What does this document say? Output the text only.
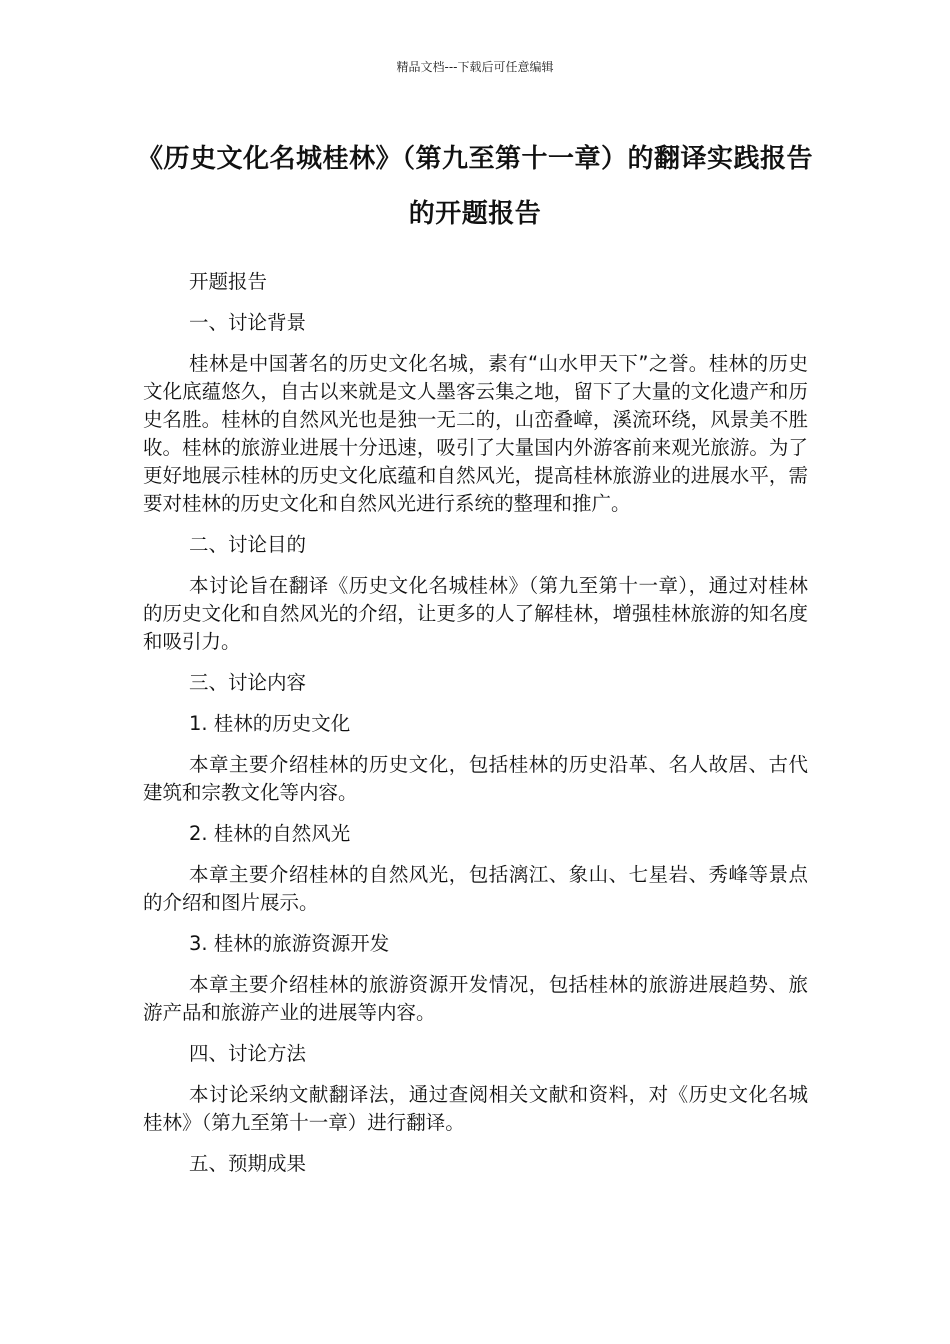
精品文档---下载后可任意编辑
《历史文化名城桂林》（第九至第十一章）的翻译实践报告的开题报告

开题报告

一、讨论背景

桂林是中国著名的历史文化名城，素有“山水甲天下”之誉。桂林的历史文化底蕴悠久，自古以来就是文人墨客云集之地，留下了大量的文化遗产和历史名胜。桂林的自然风光也是独一无二的，山峦叠嶂，溪流环绕，风景美不胜收。桂林的旅游业进展十分迅速，吸引了大量国内外游客前来观光旅游。为了更好地展示桂林的历史文化底蕴和自然风光，提高桂林旅游业的进展水平，需要对桂林的历史文化和自然风光进行系统的整理和推广。

二、讨论目的

本讨论旨在翻译《历史文化名城桂林》（第九至第十一章），通过对桂林的历史文化和自然风光的介绍，让更多的人了解桂林，增强桂林旅游的知名度和吸引力。

三、讨论内容

1. 桂林的历史文化

本章主要介绍桂林的历史文化，包括桂林的历史沿革、名人故居、古代建筑和宗教文化等内容。

2. 桂林的自然风光

本章主要介绍桂林的自然风光，包括漓江、象山、七星岩、秀峰等景点的介绍和图片展示。

3. 桂林的旅游资源开发

本章主要介绍桂林的旅游资源开发情况，包括桂林的旅游进展趋势、旅游产品和旅游产业的进展等内容。

四、讨论方法

本讨论采纳文献翻译法，通过查阅相关文献和资料，对《历史文化名城桂林》（第九至第十一章）进行翻译。

五、预期成果
